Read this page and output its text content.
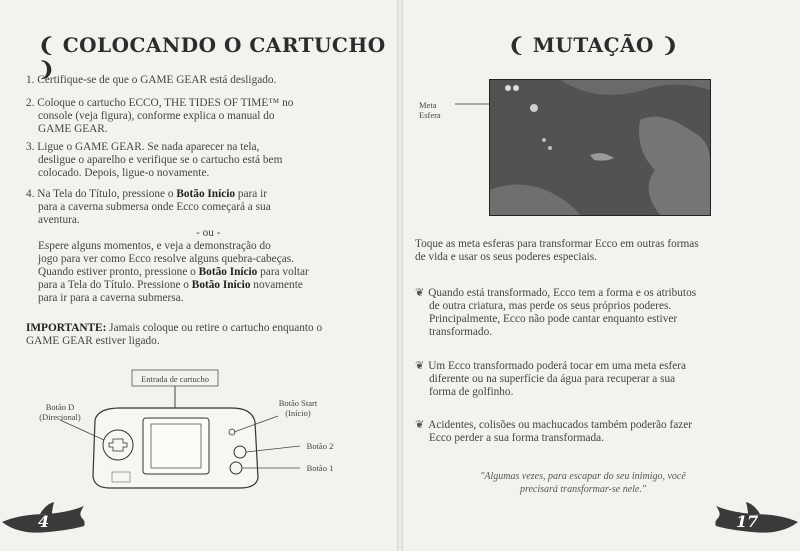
❨ COLOCANDO O CARTUCHO ❩

1. Certifique-se de que o GAME GEAR está desligado.

2. Coloque o cartucho ECCO, THE TIDES OF TIME™ no
console (veja figura), conforme explica o manual do
GAME GEAR.

3. Ligue o GAME GEAR. Se nada aparecer na tela,
desligue o aparelho e verifique se o cartucho está bem
colocado. Depois, ligue-o novamente.

4. Na Tela do Título, pressione o Botão Início para ir
para a caverna submersa onde Ecco começará a sua
aventura.

- ou -

Espere alguns momentos, e veja a demonstração do
jogo para ver como Ecco resolve alguns quebra-cabeças.
Quando estiver pronto, pressione o Botão Início para voltar
para a Tela do Título. Pressione o Botão Início novamente
para ir para a caverna submersa.

IMPORTANTE: Jamais coloque ou retire o cartucho enquanto o
GAME GEAR estiver ligado.

Entrada de cartucho
Botão D
(Direcional)
Botão Start
(Início)
Botão 2
Botão 1
4
❨ MUTAÇÃO ❩
Meta
Esfera

Toque as meta esferas para transformar Ecco em outras formas
de vida e usar os seus poderes especiais.

❦ Quando está transformado, Ecco tem a forma e os atributos
de outra criatura, mas perde os seus próprios poderes.
Principalmente, Ecco não pode cantar enquanto estiver
transformado.

❦ Um Ecco transformado poderá tocar em uma meta esfera
diferente ou na superfície da água para recuperar a sua
forma de golfinho.

❦ Acidentes, colisões ou machucados também poderão fazer
Ecco perder a sua forma transformada.

"Algumas vezes, para escapar do seu inimigo, você
precisará transformar-se nele."
17
